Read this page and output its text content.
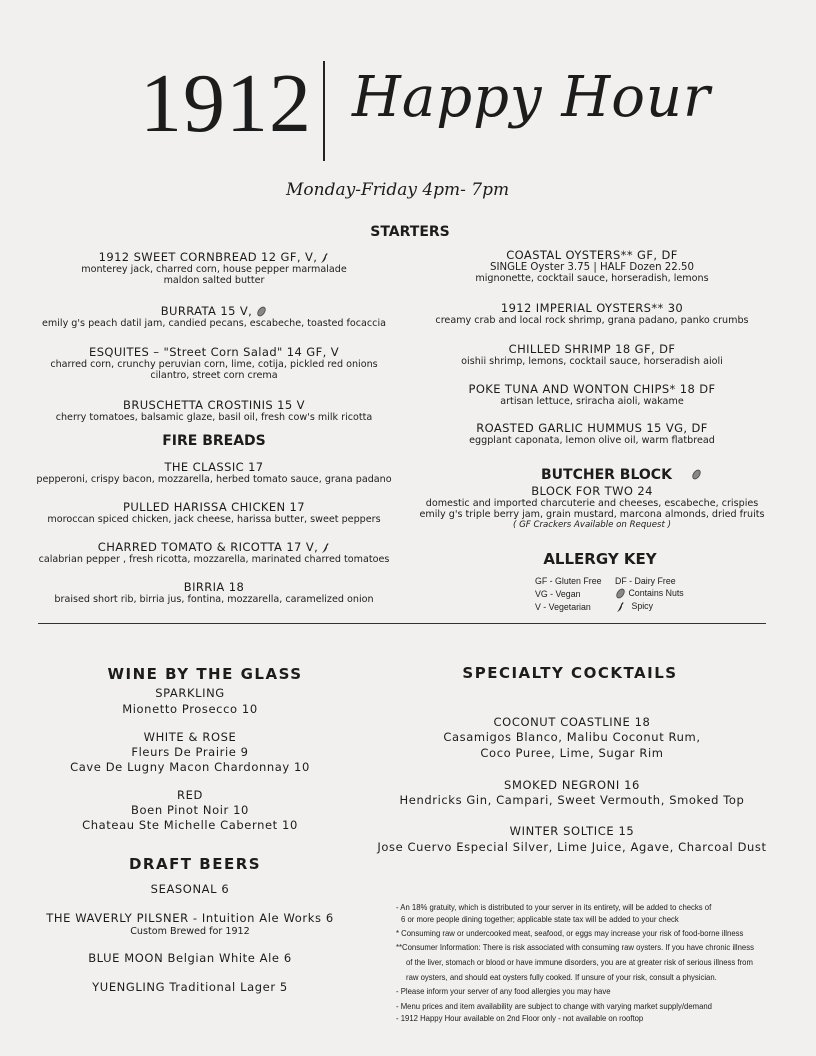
1912 Happy Hour
Monday-Friday 4pm- 7pm
STARTERS
1912 SWEET CORNBREAD 12 GF, V,
monterey jack, charred corn, house pepper marmalade
maldon salted butter
BURRATA 15 V,
emily g's peach datil jam, candied pecans, escabeche, toasted focaccia
ESQUITES – "Street Corn Salad" 14 GF, V
charred corn, crunchy peruvian corn, lime, cotija, pickled red onions
cilantro, street corn crema
BRUSCHETTA CROSTINIS 15 V
cherry tomatoes, balsamic glaze, basil oil, fresh cow's milk ricotta
FIRE BREADS
THE CLASSIC 17
pepperoni, crispy bacon, mozzarella, herbed tomato sauce, grana padano
PULLED HARISSA CHICKEN 17
moroccan spiced chicken, jack cheese, harissa butter, sweet peppers
CHARRED TOMATO & RICOTTA 17 V,
calabrian pepper , fresh ricotta, mozzarella, marinated charred tomatoes
BIRRIA 18
braised short rib, birria jus, fontina, mozzarella, caramelized onion
COASTAL OYSTERS** GF, DF
SINGLE Oyster 3.75 | HALF Dozen 22.50
mignonette, cocktail sauce, horseradish, lemons
1912 IMPERIAL OYSTERS** 30
creamy crab and local rock shrimp, grana padano, panko crumbs
CHILLED SHRIMP 18 GF, DF
oishii shrimp, lemons, cocktail sauce, horseradish aioli
POKE TUNA AND WONTON CHIPS* 18 DF
artisan lettuce, sriracha aioli, wakame
ROASTED GARLIC HUMMUS 15 VG, DF
eggplant caponata, lemon olive oil, warm flatbread
BUTCHER BLOCK
BLOCK FOR TWO 24
domestic and imported charcuterie and cheeses, escabeche, crispies
emily g's triple berry jam, grain mustard, marcona almonds, dried fruits
( GF Crackers Available on Request )
ALLERGY KEY
GF - Gluten Free
VG - Vegan
V - Vegetarian
DF - Dairy Free
Contains Nuts
Spicy
WINE BY THE GLASS
SPARKLING
Mionetto Prosecco 10
WHITE & ROSE
Fleurs De Prairie 9
Cave De Lugny Macon Chardonnay 10
RED
Boen Pinot Noir 10
Chateau Ste Michelle Cabernet 10
DRAFT BEERS
SEASONAL 6
THE WAVERLY PILSNER - Intuition Ale Works 6
Custom Brewed for 1912
BLUE MOON Belgian White Ale 6
YUENGLING Traditional Lager 5
SPECIALTY COCKTAILS
COCONUT COASTLINE 18
Casamigos Blanco, Malibu Coconut Rum,
Coco Puree, Lime, Sugar Rim
SMOKED NEGRONI 16
Hendricks Gin, Campari, Sweet Vermouth, Smoked Top
WINTER SOLTICE 15
Jose Cuervo Especial Silver, Lime Juice, Agave, Charcoal Dust
- An 18% gratuity, which is distributed to your server in its entirety, will be added to checks of
6 or more people dining together; applicable state tax will be added to your check
* Consuming raw or undercooked meat, seafood, or eggs may increase your risk of food-borne illness
**Consumer Information: There is risk associated with consuming raw oysters. If you have chronic illness
of the liver, stomach or blood or have immune disorders, you are at greater risk of serious illness from
raw oysters, and should eat oysters fully cooked. If unsure of your risk, consult a physician.
- Please inform your server of any food allergies you may have
- Menu prices and item availability are subject to change with varying market supply/demand
- 1912 Happy Hour available on 2nd Floor only - not available on rooftop
